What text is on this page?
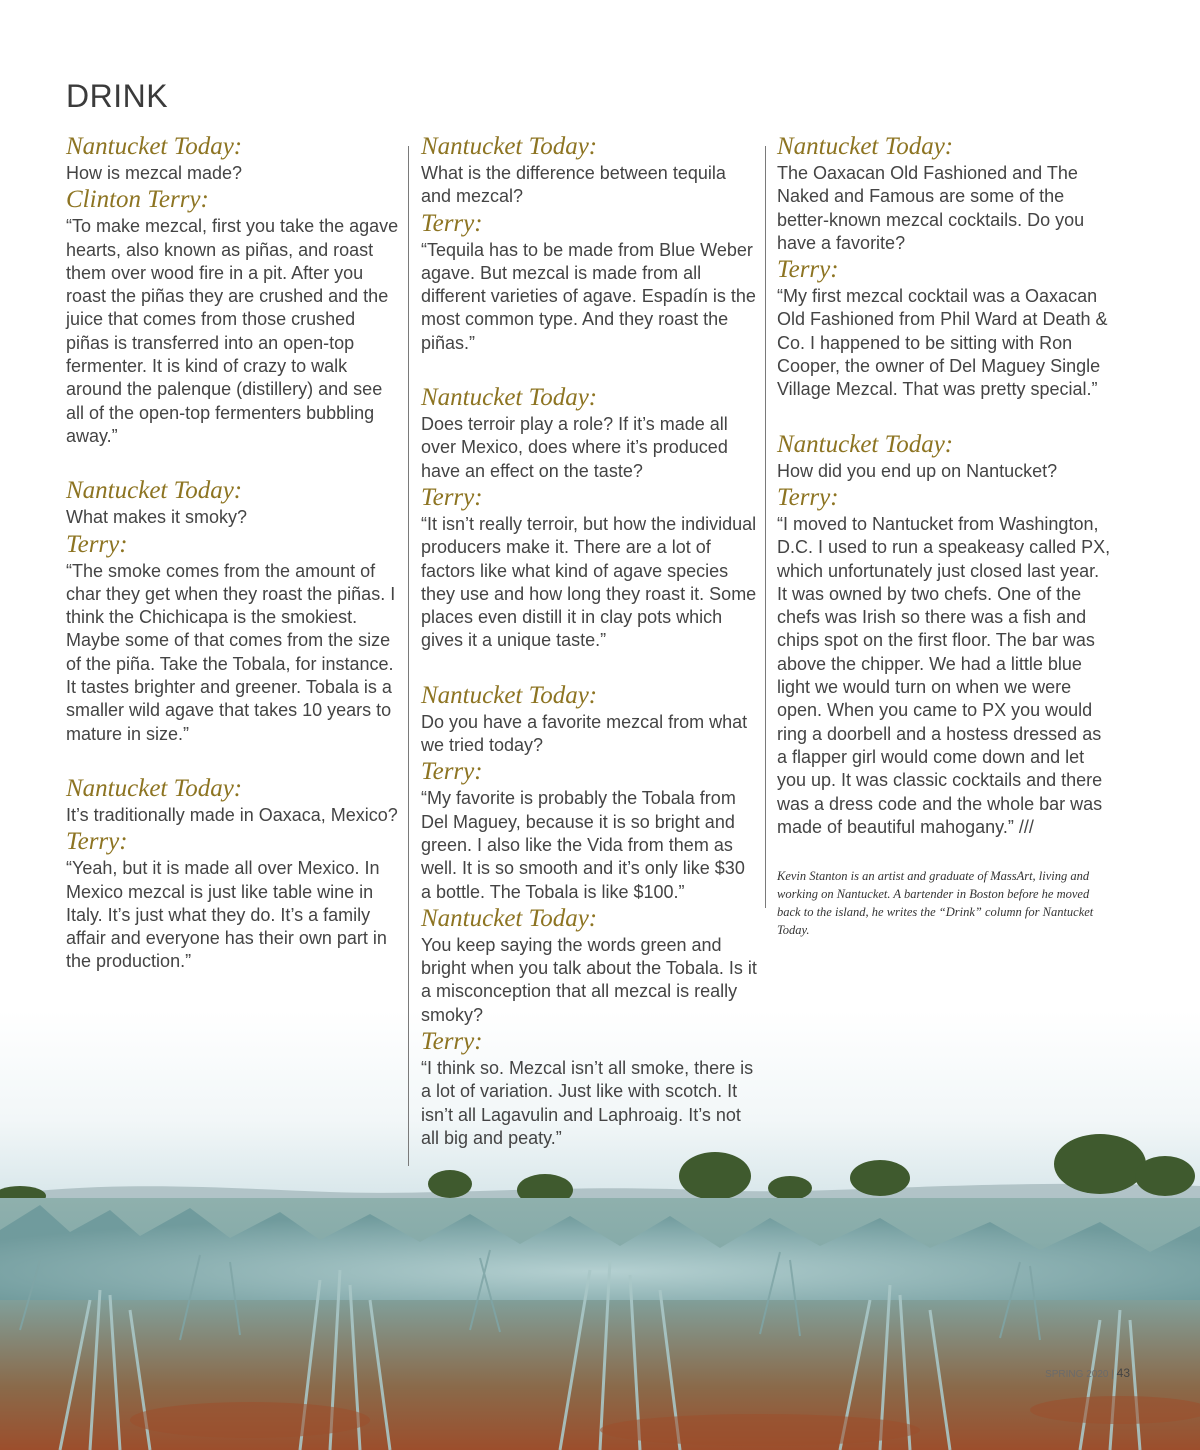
DRINK

Nantucket Today:

How is mezcal made?

Clinton Terry:

“To make mezcal, first you take the agave hearts, also known as piñas, and roast them over wood fire in a pit. After you roast the piñas they are crushed and the juice that comes from those crushed piñas is transferred into an open-top fermenter. It is kind of crazy to walk around the palenque (distillery) and see all of the open-top fermenters bubbling away.”

Nantucket Today:

What makes it smoky?

Terry:

“The smoke comes from the amount of char they get when they roast the piñas. I think the Chichicapa is the smokiest. Maybe some of that comes from the size of the piña. Take the Tobala, for instance. It tastes brighter and greener. Tobala is a smaller wild agave that takes 10 years to mature in size.”

Nantucket Today:

It’s traditionally made in Oaxaca, Mexico?

Terry:

“Yeah, but it is made all over Mexico. In Mexico mezcal is just like table wine in Italy. It’s just what they do. It’s a family affair and everyone has their own part in the production.”

Nantucket Today:

What is the difference between tequila and mezcal?

Terry:

“Tequila has to be made from Blue Weber agave. But mezcal is made from all different varieties of agave. Espadín is the most common type. And they roast the piñas.”

Nantucket Today:

Does terroir play a role? If it’s made all over Mexico, does where it’s produced have an effect on the taste?

Terry:

“It isn’t really terroir, but how the individual producers make it. There are a lot of factors like what kind of agave species they use and how long they roast it. Some places even distill it in clay pots which gives it a unique taste.”

Nantucket Today:

Do you have a favorite mezcal from what we tried today?

Terry:

“My favorite is probably the Tobala from Del Maguey, because it is so bright and green. I also like the Vida from them as well. It is so smooth and it’s only like $30 a bottle. The Tobala is like $100.”

Nantucket Today:

You keep saying the words green and bright when you talk about the Tobala. Is it a misconception that all mezcal is really smoky?

Terry:

“I think so. Mezcal isn’t all smoke, there is a lot of variation. Just like with scotch. It isn’t all Lagavulin and Laphroaig. It’s not all big and peaty.”

Nantucket Today:

The Oaxacan Old Fashioned and The Naked and Famous are some of the better-known mezcal cocktails. Do you have a favorite?

Terry:

“My first mezcal cocktail was a Oaxacan Old Fashioned from Phil Ward at Death & Co. I happened to be sitting with Ron Cooper, the owner of Del Maguey Single Village Mezcal. That was pretty special.”

Nantucket Today:

How did you end up on Nantucket?

Terry:

“I moved to Nantucket from Washington, D.C. I used to run a speakeasy called PX, which unfortunately just closed last year. It was owned by two chefs. One of the chefs was Irish so there was a fish and chips spot on the first floor. The bar was above the chipper. We had a little blue light we would turn on when we were open. When you came to PX you would ring a doorbell and a hostess dressed as a flapper girl would come down and let you up. It was classic cocktails and there was a dress code and the whole bar was made of beautiful mahogany.” ///

Kevin Stanton is an artist and graduate of MassArt, living and working on Nantucket. A bartender in Boston before he moved back to the island, he writes the “Drink” column for Nantucket Today.

SPRING 2020 | 43
